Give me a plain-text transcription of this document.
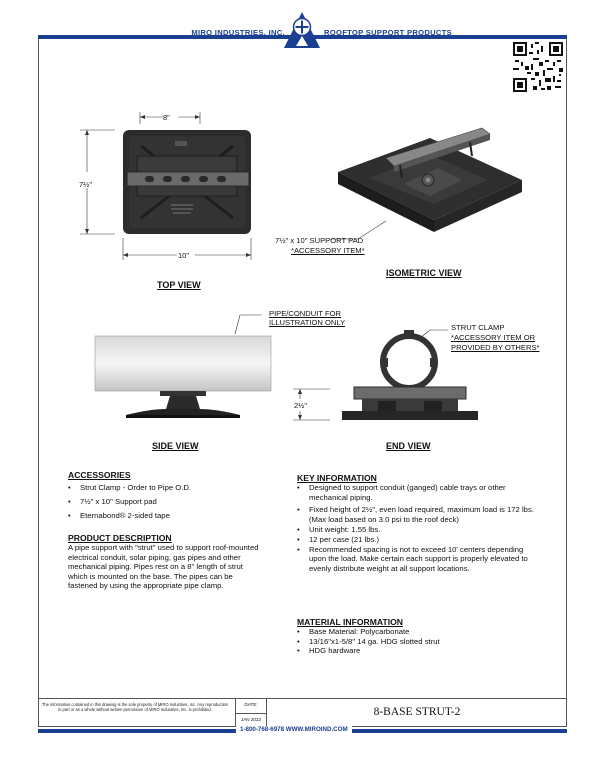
MIRO INDUSTRIES, INC.	ROOFTOP SUPPORT PRODUCTS
8"
7½"
10"
TOP VIEW
7½" x 10" SUPPORT PAD
*ACCESSORY ITEM*
ISOMETRIC VIEW
PIPE/CONDUIT FOR
ILLUSTRATION ONLY
SIDE VIEW
STRUT CLAMP
*ACCESSORY ITEM OR
PROVIDED BY OTHERS*
2½"
END VIEW
ACCESSORIES
• Strut Clamp - Order to Pipe O.D.
• 7½" x 10" Support pad
• Eternabond® 2-sided tape
PRODUCT DESCRIPTION
A pipe support with "strut" used to support roof-mounted electrical conduit, solar piping, gas pipes and other mechanical piping. Pipes rest on a 8" length of strut which is mounted on the base. The pipes can be fastened by using the appropriate pipe clamp.
KEY INFORMATION
• Designed to support conduit (ganged) cable trays or other mechanical piping.
• Fixed height of 2½", even load required, maximum load is 172 lbs. (Max load based on 3.0 psi to the roof deck)
• Unit weight: 1.55 lbs.
• 12 per case (21 lbs.)
• Recommended spacing is not to exceed 10' centers depending upon the load. Make certain each support is properly elevated to evenly distribute weight at all support locations.
MATERIAL INFORMATION
• Base Material: Polycarbonate
• 13/16"x1-5/8" 14 ga. HDG slotted strut
• HDG hardware
The information contained in this drawing is the sole property of MIRO Industries, Inc. Any reproduction in part or as a whole without written permission of MIRO Industries, Inc. is prohibited.
DATE:
JAN 2022
8-BASE STRUT-2
1-800-768-6978 WWW.MIROIND.COM
